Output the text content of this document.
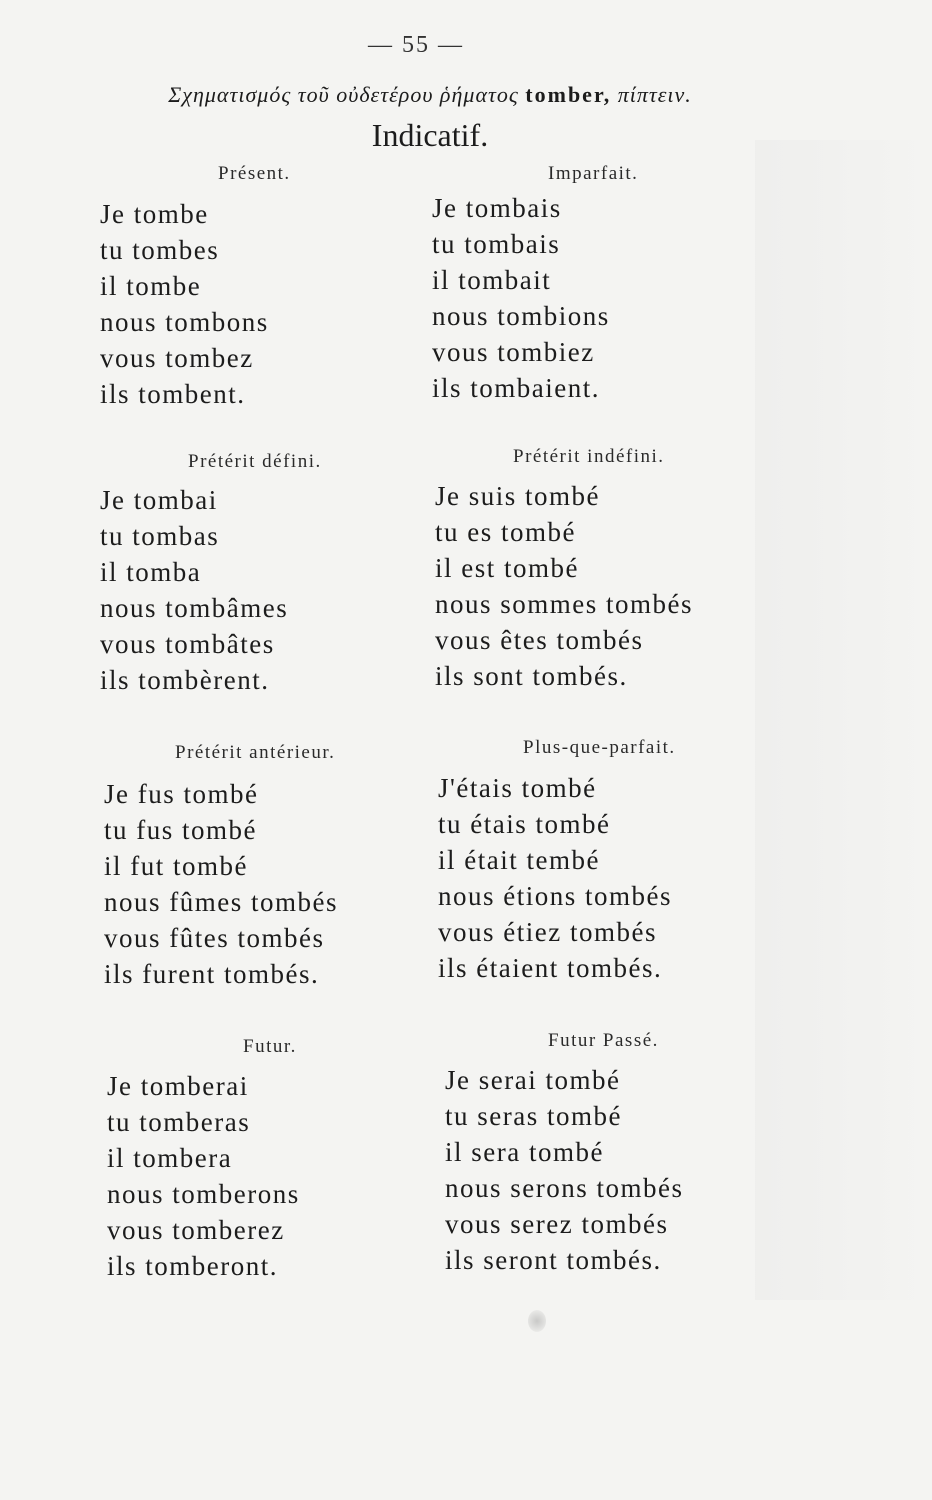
— 55 —
Σχηματισμός τοῦ οὐδετέρου ῥήματος tomber, πίπτειν.
Indicatif.
Présent.
Je tombe
tu tombes
il tombe
nous tombons
vous tombez
ils tombent.
Imparfait.
Je tombais
tu tombais
il tombait
nous tombions
vous tombiez
ils tombaient.
Prétérit défini.
Je tombai
tu tombas
il tomba
nous tombâmes
vous tombâtes
ils tombèrent.
Prétérit indéfini.
Je suis tombé
tu es tombé
il est tombé
nous sommes tombés
vous êtes tombés
ils sont tombés.
Prétérit antérieur.
Je fus tombé
tu fus tombé
il fut tombé
nous fûmes tombés
vous fûtes tombés
ils furent tombés.
Plus-que-parfait.
J'étais tombé
tu étais tombé
il était tembé
nous étions tombés
vous étiez tombés
ils étaient tombés.
Futur.
Je tomberai
tu tomberas
il tombera
nous tomberons
vous tomberez
ils tomberont.
Futur Passé.
Je serai tombé
tu seras tombé
il sera tombé
nous serons tombés
vous serez tombés
ils seront tombés.
